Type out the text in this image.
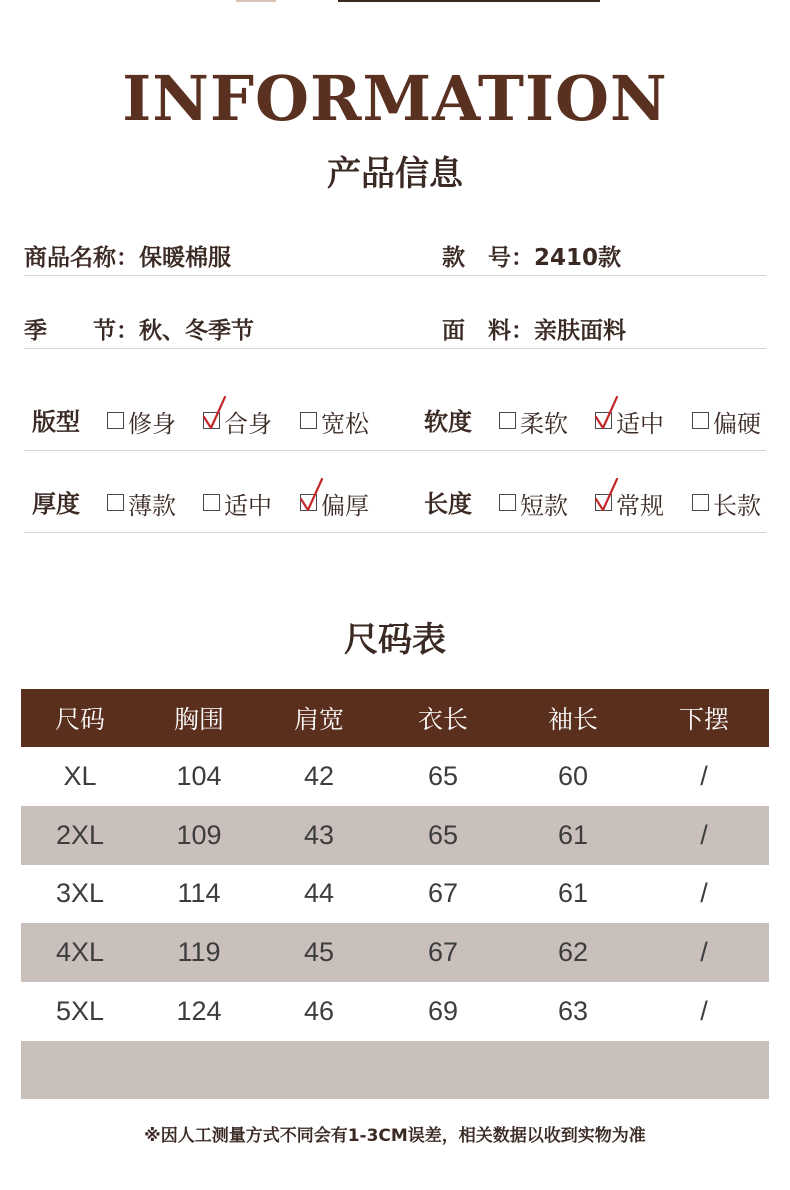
INFORMATION
产品信息
商品名称：保暖棉服	款　号：2410款
季　　节：秋、冬季节	面　料：亲肤面料
版型 修身 合身 宽松 软度 柔软 适中 偏硬
厚度 薄款 适中 偏厚 长度 短款 常规 长款
尺码表
尺码	胸围	肩宽	衣长	袖长	下摆
XL	104	42	65	60	/
2XL	109	43	65	61	/
3XL	114	44	67	61	/
4XL	119	45	67	62	/
5XL	124	46	69	63	/

※因人工测量方式不同会有1-3CM误差，相关数据以收到实物为准
